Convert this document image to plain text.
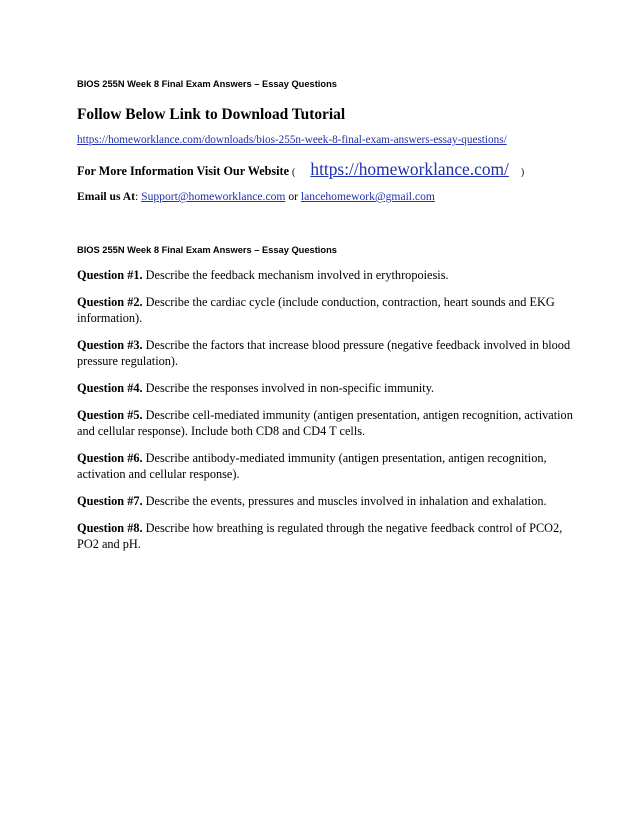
BIOS 255N Week 8 Final Exam Answers – Essay Questions
Follow Below Link to Download Tutorial
https://homeworklance.com/downloads/bios-255n-week-8-final-exam-answers-essay-questions/
For More Information Visit Our Website ( https://homeworklance.com/ )
Email us At: Support@homeworklance.com or lancehomework@gmail.com
BIOS 255N Week 8 Final Exam Answers – Essay Questions

Question #1. Describe the feedback mechanism involved in erythropoiesis.

Question #2. Describe the cardiac cycle (include conduction, contraction, heart sounds and EKG information).

Question #3. Describe the factors that increase blood pressure (negative feedback involved in blood pressure regulation).

Question #4. Describe the responses involved in non-specific immunity.

Question #5. Describe cell-mediated immunity (antigen presentation, antigen recognition, activation and cellular response). Include both CD8 and CD4 T cells.

Question #6. Describe antibody-mediated immunity (antigen presentation, antigen recognition, activation and cellular response).

Question #7. Describe the events, pressures and muscles involved in inhalation and exhalation.

Question #8. Describe how breathing is regulated through the negative feedback control of PCO2, PO2 and pH.
